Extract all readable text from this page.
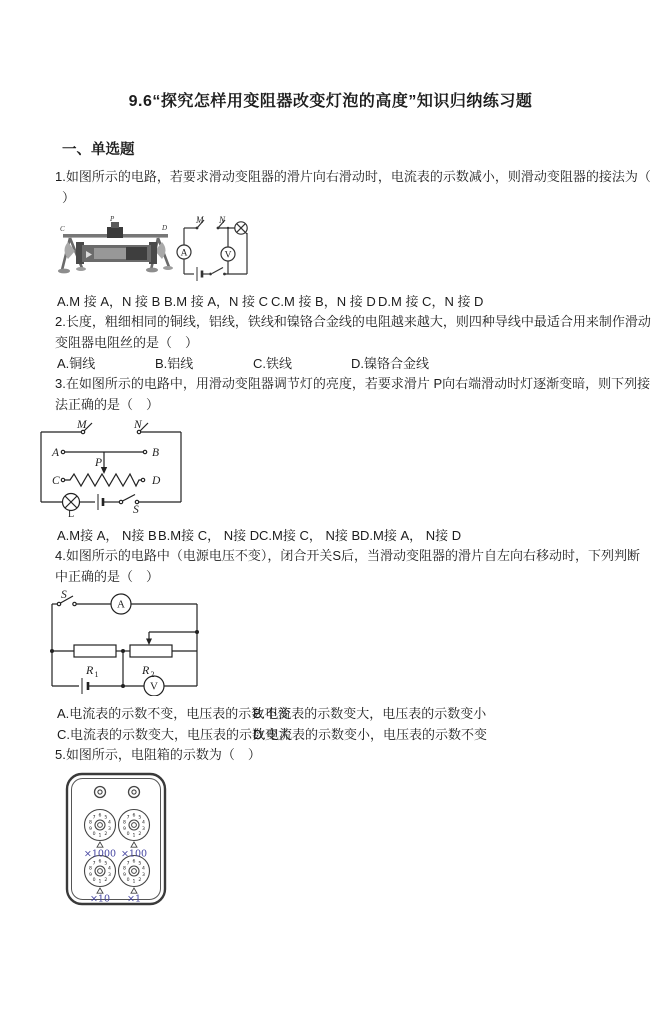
9.6“探究怎样用变阻器改变灯泡的高度”知识归纳练习题
一、单选题
1.如图所示的电路，若要求滑动变阻器的滑片向右滑动时，电流表的示数减小，则滑动变阻器的接法为（
）
C
P
D
M N
A	V
A.M 接 A，N 接 B B.M 接 A，N 接 C C.M 接 B，N 接 D D.M 接 C，N 接 D
2.长度，粗细相同的铜线，铝线，铁线和镍铬合金线的电阻越来越大，则四种导线中最适合用来制作滑动
变阻器电阻丝的是（　）
A.铜线	B.铝线	C.铁线	D.镍铬合金线
3.在如图所示的电路中，用滑动变阻器调节灯的亮度，若要求滑片 P向右端滑动时灯逐渐变暗，则下列接
法正确的是（　）
M	N
A	B
P
C	D
L	S
A.M接 A， N接 B B.M接 C， N接 D C.M接 C， N接 B D.M接 A， N接 D
4.如图所示的电路中（电源电压不变），闭合开关S后，当滑动变阻器的滑片自左向右移动时，下列判断
中正确的是（　）
S
A
V
R 1	R 2
A.电流表的示数不变，电压表的示数不变
B.电流表的示数变大，电压表的示数变小
C.电流表的示数变大，电压表的示数变大
D.电流表的示数变小，电压表的示数不变
5.如图所示，电阻箱的示数为（　）
0 1 2
3
4
5
6
7
8
9
0 1 2
3
4
5
6
7
8
9
0 1 2
3
4
5
6
7
8
9
0 1 2
3
4
5
6
7
8
9
×1000 ×100
×10 ×1
